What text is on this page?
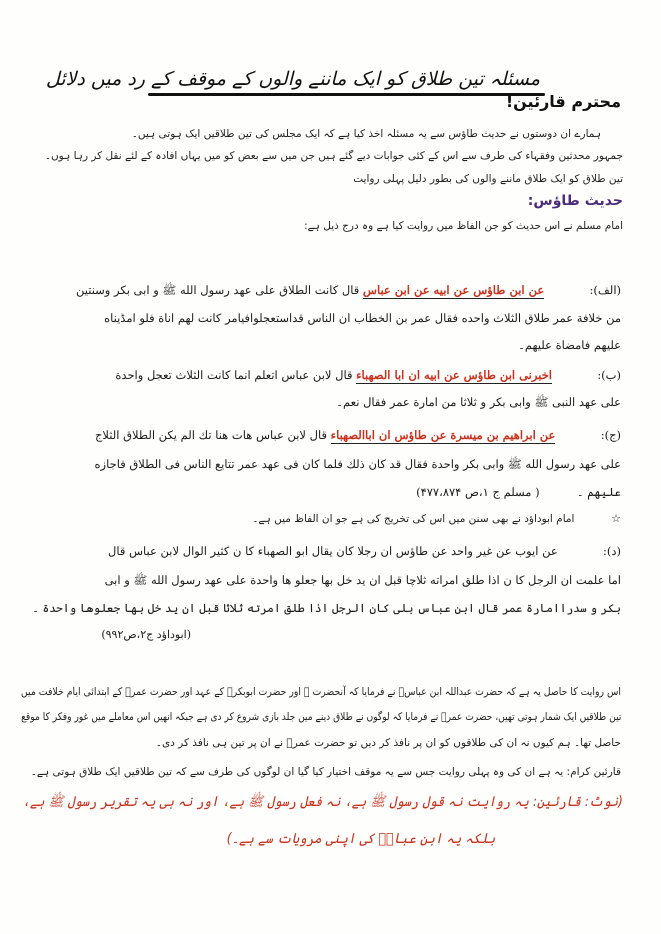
مسئلہ تین طلاق کو ایک ماننے والوں کے موقف کے رد میں دلائل
محترم قارئین!
ہمارے ان دوستوں نے حدیث طاؤس سے یہ مسئلہ اخذ کیا ہے کہ ایک مجلس کی تین طلاقیں ایک ہوتی ہیں۔
جمہور محدثین وفقہاء کی طرف سے اس کے کئی جوابات دیے گئے ہیں جن میں سے بعض کو میں یہاں افادہ کے لئے نقل کر رہا ہوں۔
تین طلاق کو ایک طلاق ماننے والوں کی بطور دلیل پہلی روایت
حدیث طاؤس:
امام مسلم نے اس حدیث کو جن الفاظ میں روایت کیا ہے وہ درج ذیل ہے:
(الف):  عن ابن طاؤس عن ابیه عن ابن عباس قال کانت الطلاق علی عهد رسول الله ﷺ و ابی بکر وسنتین
من خلافة عمر طلاق الثلاث واحده فقال عمر بن الخطاب ان الناس قداستعجلوافیامر کانت لهم اناة فلو امڈیناه
علیهم فامضاة علیهم۔
(ب):  اخبرنی ابن طاؤس عن ابیه ان ابا الصهباء قال لابن عباس اتعلم انما کانت الثلاث تعجل واحدة
علی عهد النبی ﷺ وابی بکر و ثلاثا من امارة عمر فقال نعم۔
(ج):  عن ابراهیم بن میسرة عن طاؤس ان اباالصهباء قال لابن عباس هات هنا تك الم یکن الطلاق الثلاج
علی عهد رسول الله ﷺ وابی بکر واحدة فقال قد کان ذلك فلما کان فی عهد عمر تتایع الناس فی الطلاق فاجازه
علیهم ۔  ( مسلم ج ۱،ص ۴۷۷،۸۷۴)
☆  امام ابوداؤد نے بھی سنن میں اس کی تخریج کی ہے جو ان الفاظ میں ہے۔
(د):  عن ایوب عن غیر واحد عن طاؤس ان رجلا کان یقال ابو الصهباء کا ن کثیر الوال لابن عباس قال
اما علمت ان الرجل کا ن اذا طلق امراته ثلاچا قبل ان ید خل بها جعلو ها واحدة علی عهد رسول الله ﷺ و ابی
بکر و سدراامارة عمر قال ابن عباس بلی کان الرجل اذا طلق امرته ثلاثا قبل ان ید خل بها جعلوها واحدة ۔
(ابوداؤد ج۲،ص۹۹۲)
اس روایت کا حاصل یہ ہے کہ حضرت عبداللہ ابن عباسؓ نے فرمایا کہ آنحضرت ﷺ اور حضرت ابوبکرؓ کے عہد اور حضرت عمرؓ کے ابتدائی ایام خلافت میں
تین طلاقیں ایک شمار ہوتی تھیں، حضرت عمرؓ نے فرمایا کہ لوگوں نے طلاق دینے میں جلد بازی شروع کر دی ہے جبکہ انھیں اس معاملے میں غور وفکر کا موقع
حاصل تھا۔ ہم کیوں نہ ان کی طلاقوں کو ان پر نافذ کر دیں تو حضرت عمرؓ نے ان پر تین ہی نافذ کر دی۔
قارئین کرام: یہ ہے ان کی وہ پہلی روایت جس سے یہ موقف اختیار کیا گیا ان لوگوں کی طرف سے کہ تین طلاقیں ایک طلاق ہوتی ہے۔
(نوٹ: قارئین: یہ روایت نہ قول رسول ﷺ ہے، نہ فعل رسول ﷺ ہے، اور نہ ہی یہ تقریر رسول ﷺ ہے،
بلکہ یہ ابن عباسؓ کی اپنی مرویات سے ہے۔)
